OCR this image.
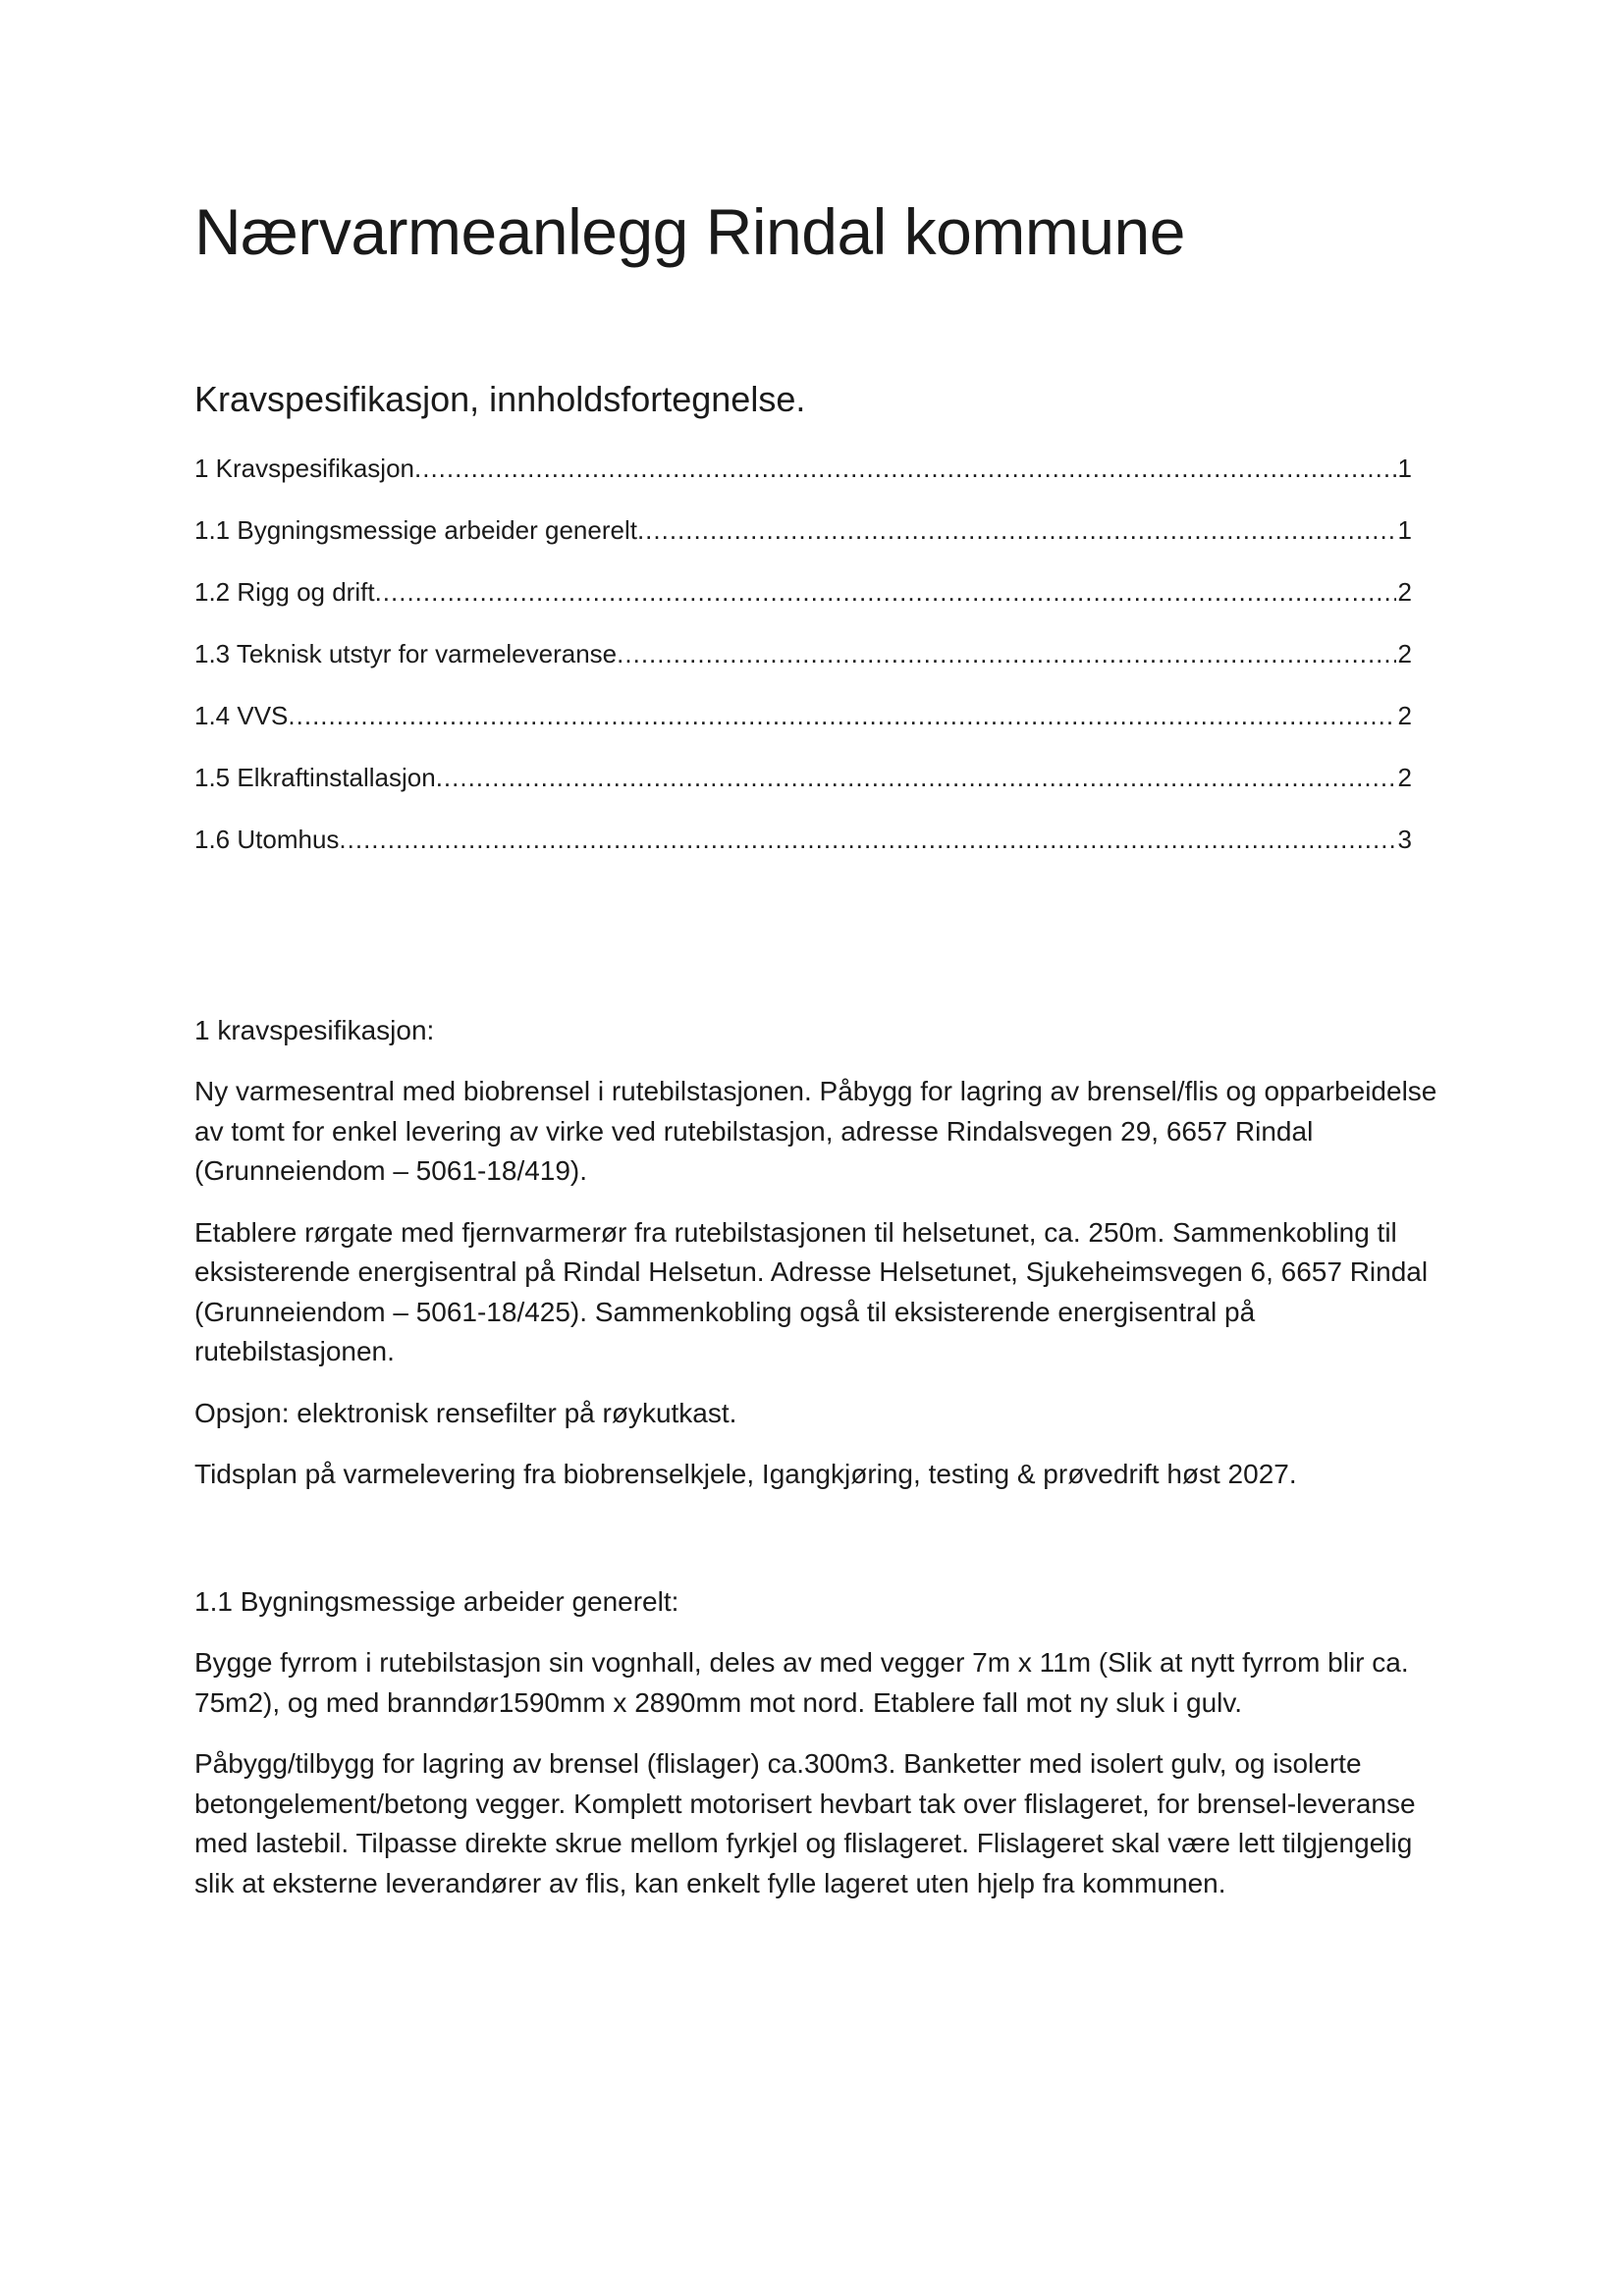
Nærvarmeanlegg Rindal kommune
Kravspesifikasjon, innholdsfortegnelse.
1 Kravspesifikasjon .....	1
1.1 Bygningsmessige arbeider generelt .....	1
1.2 Rigg og drift .....	2
1.3 Teknisk utstyr for varmeleveranse .....	2
1.4 VVS .....	2
1.5 Elkraftinstallasjon .....	2
1.6 Utomhus .....	3
1 kravspesifikasjon:

Ny varmesentral med biobrensel i rutebilstasjonen. Påbygg for lagring av brensel/flis og opparbeidelse av tomt for enkel levering av virke ved rutebilstasjon, adresse Rindalsvegen 29, 6657 Rindal (Grunneiendom – 5061-18/419).

Etablere rørgate med fjernvarmerør fra rutebilstasjonen til helsetunet, ca. 250m. Sammenkobling til eksisterende energisentral på Rindal Helsetun. Adresse Helsetunet, Sjukeheimsvegen 6, 6657 Rindal (Grunneiendom – 5061-18/425). Sammenkobling også til eksisterende energisentral på rutebilstasjonen.

Opsjon: elektronisk rensefilter på røykutkast.

Tidsplan på varmelevering fra biobrenselkjele, Igangkjøring, testing & prøvedrift høst 2027.

1.1 Bygningsmessige arbeider generelt:

Bygge fyrrom i rutebilstasjon sin vognhall, deles av med vegger 7m x 11m (Slik at nytt fyrrom blir ca. 75m2), og med branndør1590mm x 2890mm mot nord. Etablere fall mot ny sluk i gulv.

Påbygg/tilbygg for lagring av brensel (flislager) ca.300m3. Banketter med isolert gulv, og isolerte betongelement/betong vegger. Komplett motorisert hevbart tak over flislageret, for brensel-leveranse med lastebil. Tilpasse direkte skrue mellom fyrkjel og flislageret. Flislageret skal være lett tilgjengelig slik at eksterne leverandører av flis, kan enkelt fylle lageret uten hjelp fra kommunen.
